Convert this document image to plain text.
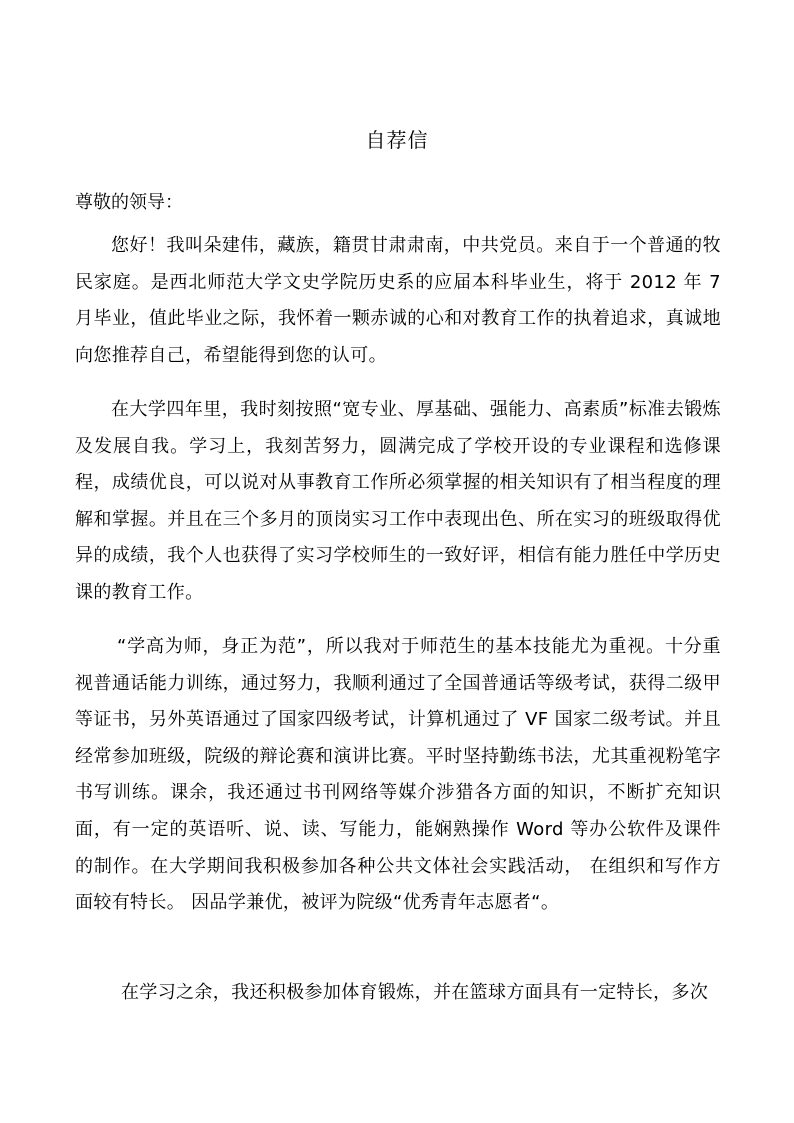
自荐信
尊敬的领导：

您好！我叫朵建伟，藏族，籍贯甘肃肃南，中共党员。来自于一个普通的牧民家庭。是西北师范大学文史学院历史系的应届本科毕业生，将于 2012 年 7 月毕业，值此毕业之际，我怀着一颗赤诚的心和对教育工作的执着追求，真诚地向您推荐自己，希望能得到您的认可。

在大学四年里，我时刻按照“宽专业、厚基础、强能力、高素质”标准去锻炼及发展自我。学习上，我刻苦努力，圆满完成了学校开设的专业课程和选修课程，成绩优良，可以说对从事教育工作所必须掌握的相关知识有了相当程度的理解和掌握。并且在三个多月的顶岗实习工作中表现出色、所在实习的班级取得优异的成绩，我个人也获得了实习学校师生的一致好评，相信有能力胜任中学历史课的教育工作。

“学高为师，身正为范”，所以我对于师范生的基本技能尤为重视。十分重视普通话能力训练，通过努力，我顺利通过了全国普通话等级考试，获得二级甲等证书，另外英语通过了国家四级考试，计算机通过了 VF 国家二级考试。并且经常参加班级，院级的辩论赛和演讲比赛。平时坚持勤练书法，尤其重视粉笔字书写训练。课余，我还通过书刊网络等媒介涉猎各方面的知识，不断扩充知识面，有一定的英语听、说、读、写能力，能娴熟操作 Word 等办公软件及课件的制作。在大学期间我积极参加各种公共文体社会实践活动， 在组织和写作方面较有特长。 因品学兼优，被评为院级“优秀青年志愿者“。

在学习之余，我还积极参加体育锻炼，并在篮球方面具有一定特长，多次
